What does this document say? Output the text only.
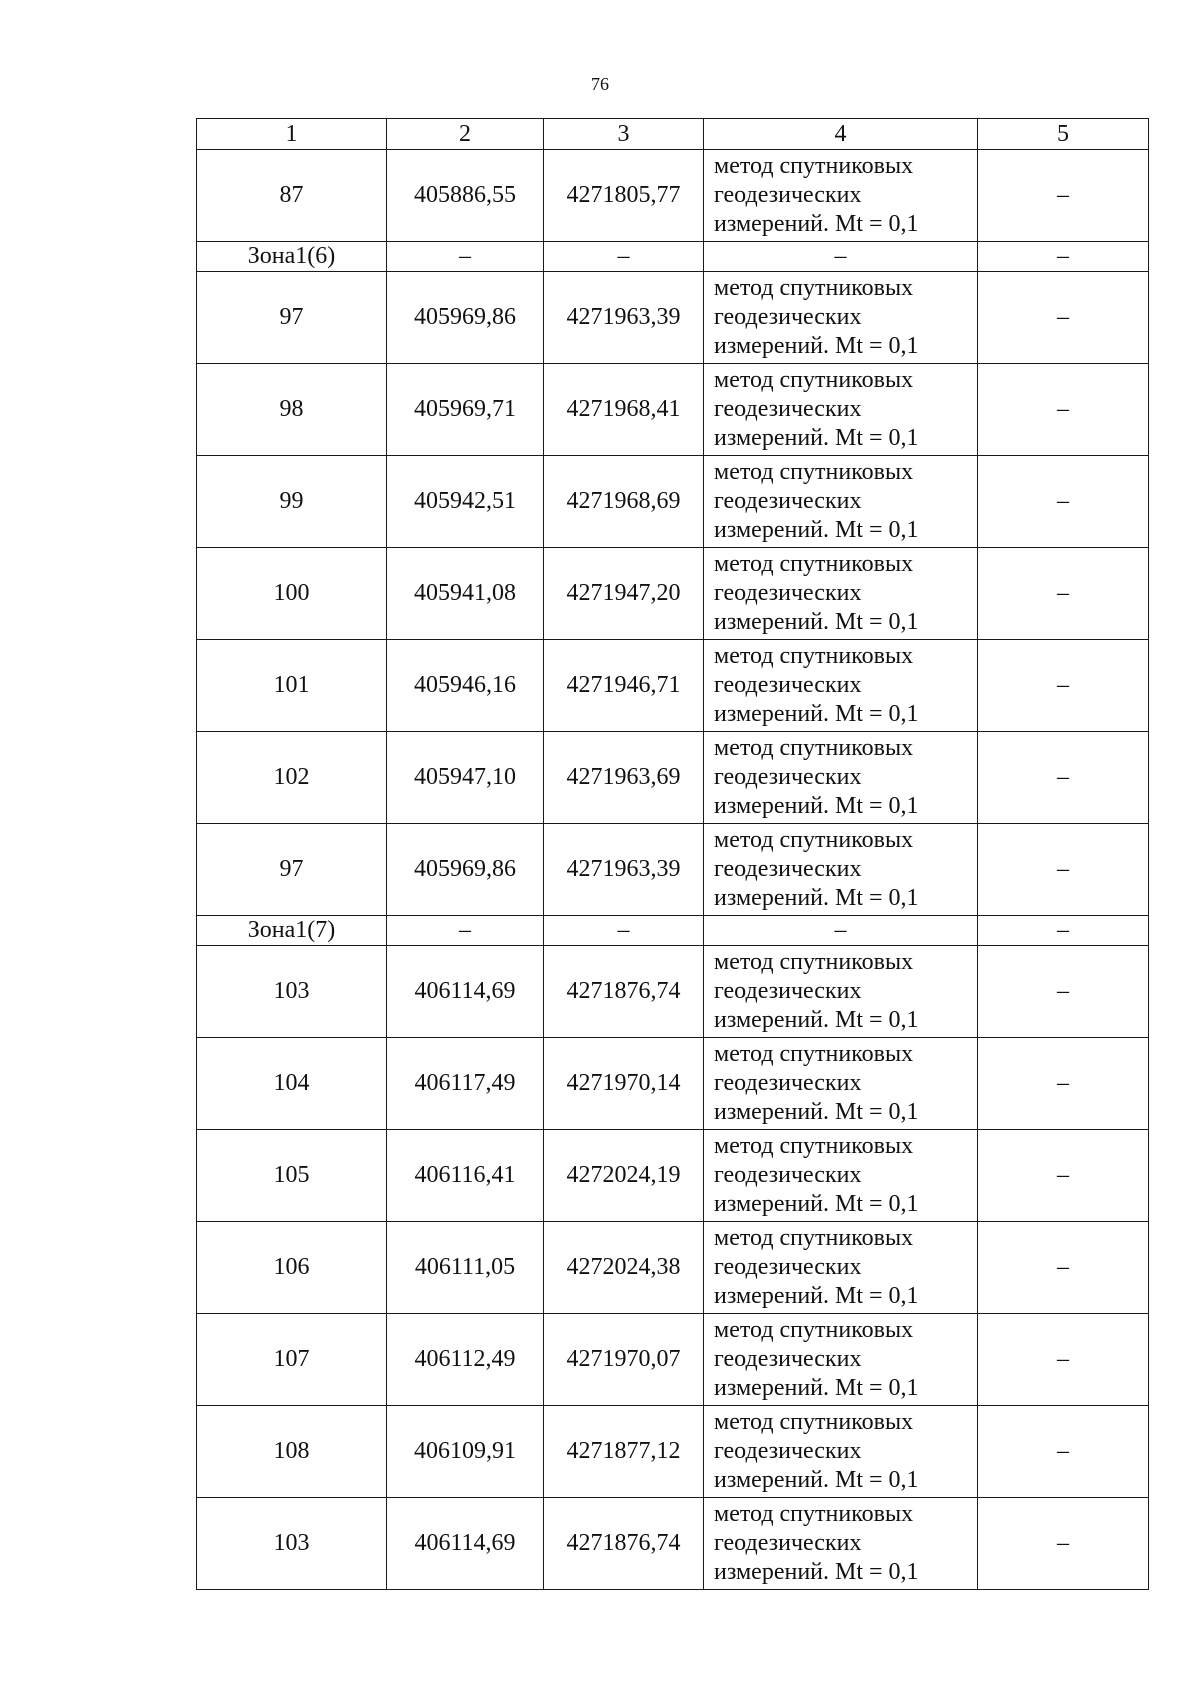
76
1	2	3	4	5
87	405886,55	4271805,77	метод спутниковых
геодезических
измерений. Mt = 0,1	–
Зона1(6)	–	–	–	–
97	405969,86	4271963,39	метод спутниковых
геодезических
измерений. Mt = 0,1	–
98	405969,71	4271968,41	метод спутниковых
геодезических
измерений. Mt = 0,1	–
99	405942,51	4271968,69	метод спутниковых
геодезических
измерений. Mt = 0,1	–
100	405941,08	4271947,20	метод спутниковых
геодезических
измерений. Mt = 0,1	–
101	405946,16	4271946,71	метод спутниковых
геодезических
измерений. Mt = 0,1	–
102	405947,10	4271963,69	метод спутниковых
геодезических
измерений. Mt = 0,1	–
97	405969,86	4271963,39	метод спутниковых
геодезических
измерений. Mt = 0,1	–
Зона1(7)	–	–	–	–
103	406114,69	4271876,74	метод спутниковых
геодезических
измерений. Mt = 0,1	–
104	406117,49	4271970,14	метод спутниковых
геодезических
измерений. Mt = 0,1	–
105	406116,41	4272024,19	метод спутниковых
геодезических
измерений. Mt = 0,1	–
106	406111,05	4272024,38	метод спутниковых
геодезических
измерений. Mt = 0,1	–
107	406112,49	4271970,07	метод спутниковых
геодезических
измерений. Mt = 0,1	–
108	406109,91	4271877,12	метод спутниковых
геодезических
измерений. Mt = 0,1	–
103	406114,69	4271876,74	метод спутниковых
геодезических
измерений. Mt = 0,1	–
